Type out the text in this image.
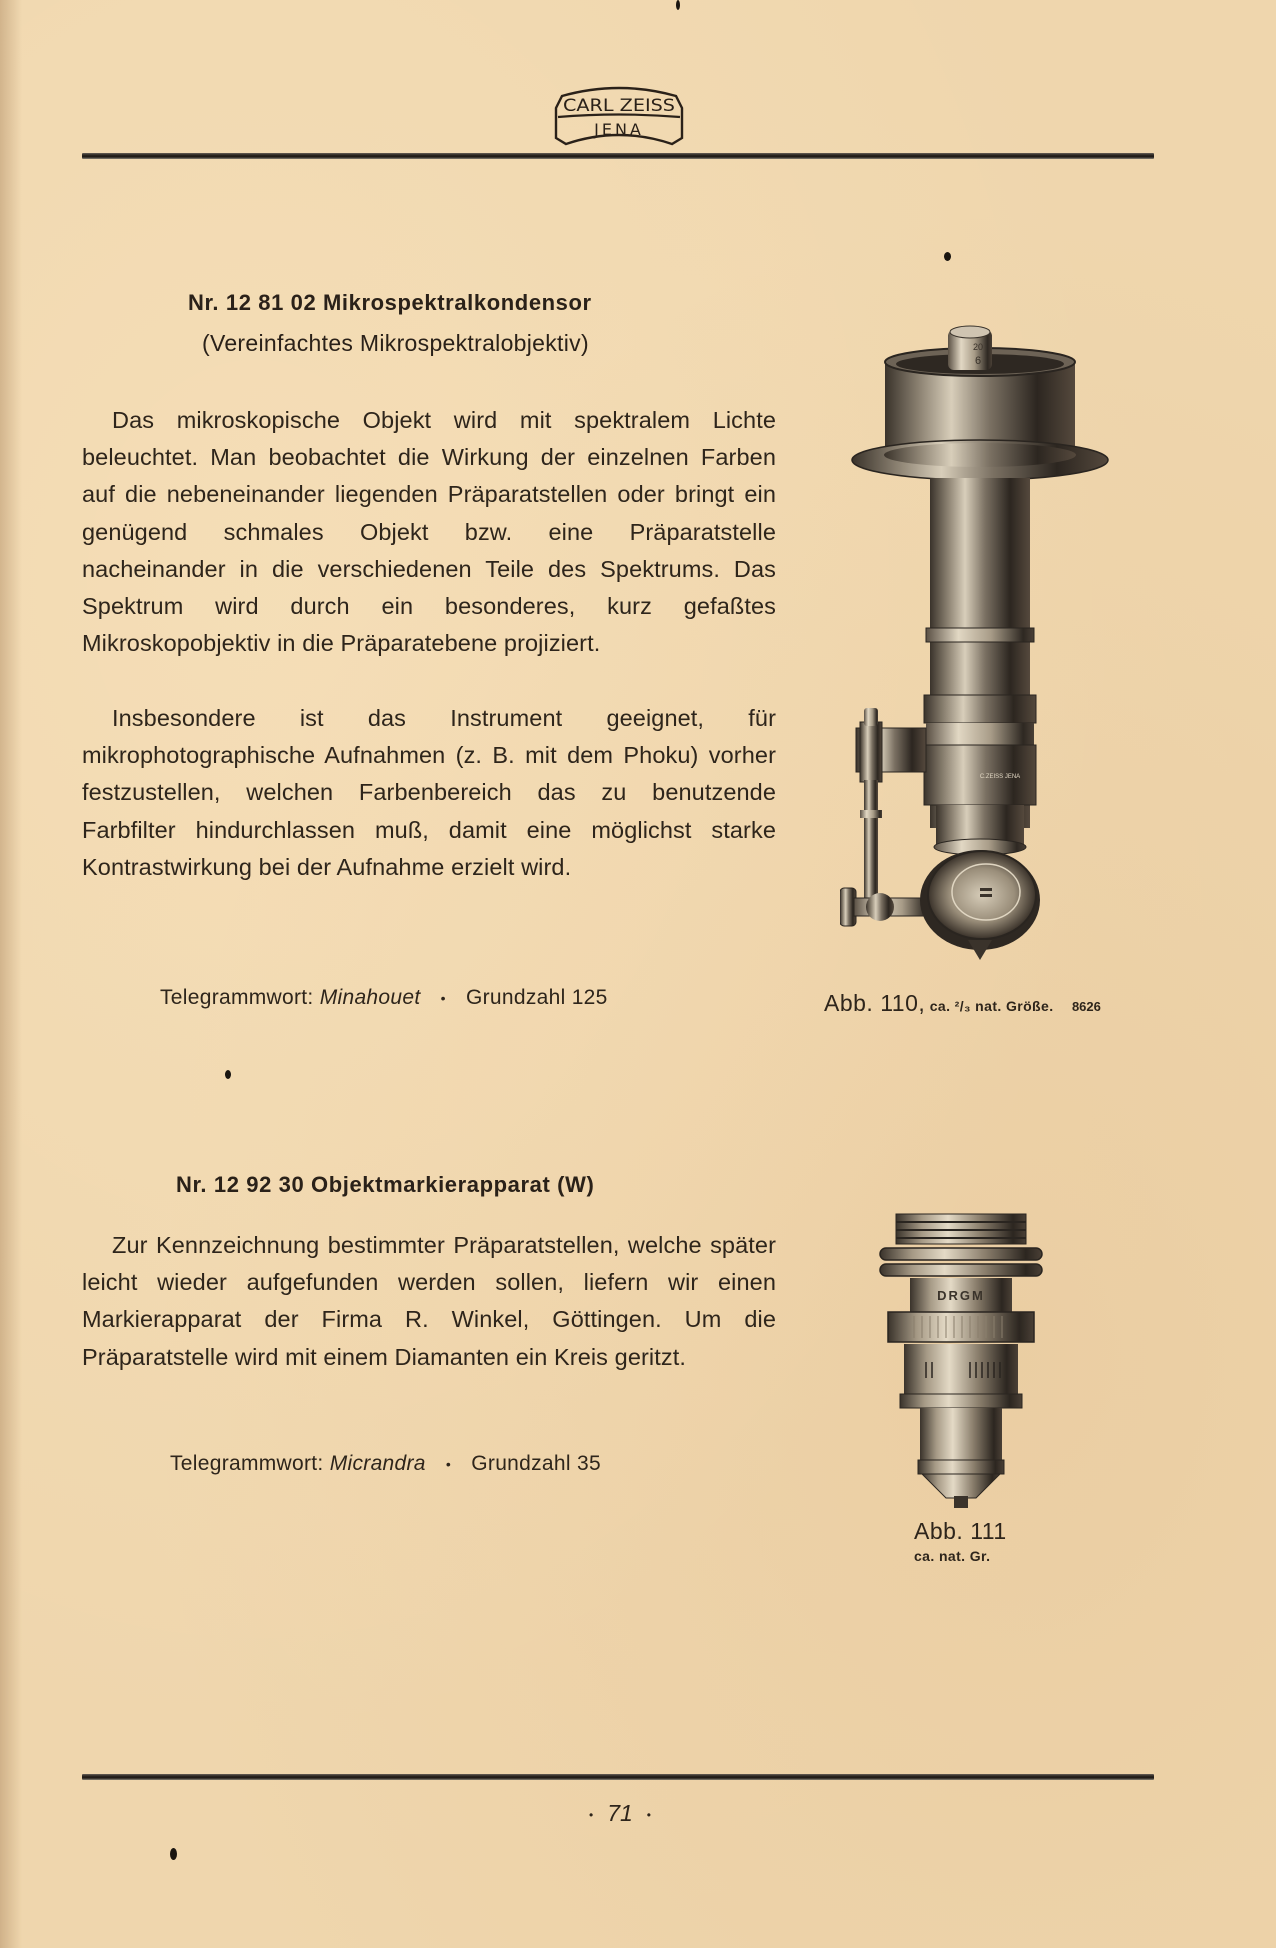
CARL ZEISS
JENA
Nr. 12 81 02 Mikrospektralkondensor
(Vereinfachtes Mikrospektralobjektiv)
Das mikroskopische Objekt wird mit spektralem Lichte beleuchtet. Man beobachtet die Wirkung der einzelnen Farben auf die nebeneinander liegenden Präparatstellen oder bringt ein genügend schmales Objekt bzw. eine Präparatstelle nacheinander in die verschiedenen Teile des Spektrums. Das Spektrum wird durch ein besonderes, kurz gefaßtes Mikroskopobjektiv in die Präparatebene projiziert.
Insbesondere ist das Instrument geeignet, für mikrophotographische Aufnahmen (z. B. mit dem Phoku) vorher festzustellen, welchen Farbenbereich das zu benutzende Farbfilter hindurchlassen muß, damit eine möglichst starke Kontrastwirkung bei der Aufnahme erzielt wird.
Telegrammwort: Minahouet • Grundzahl 125
20
6
C.ZEISS JENA
Abb. 110, ca. ²/₃ nat. Größe. 8626
Nr. 12 92 30 Objektmarkierapparat (W)
Zur Kennzeichnung bestimmter Präparatstellen, welche später leicht wieder aufgefunden werden sollen, liefern wir einen Markierapparat der Firma R. Winkel, Göttingen. Um die Präparatstelle wird mit einem Diamanten ein Kreis geritzt.
Telegrammwort: Micrandra • Grundzahl 35
DRGM
Abb. 111
ca. nat. Gr.
• 71 •
